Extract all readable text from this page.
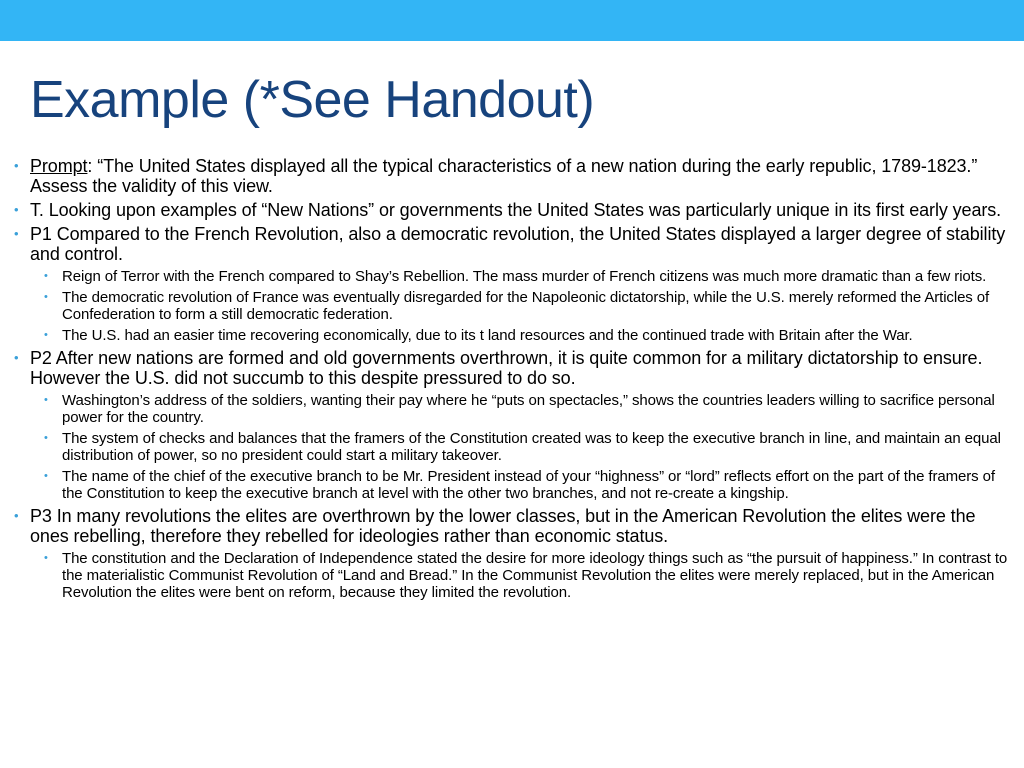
Example (*See Handout)
• Prompt: “The United States displayed all the typical characteristics of a new nation during the early republic, 1789-1823.” Assess the validity of this view.
• T. Looking upon examples of “New Nations” or governments the United States was particularly unique in its first early years.
• P1 Compared to the French Revolution, also a democratic revolution, the United States displayed a larger degree of stability and control.
• Reign of Terror with the French compared to Shay’s Rebellion. The mass murder of French citizens was much more dramatic than a few riots.
• The democratic revolution of France was eventually disregarded for the Napoleonic dictatorship, while the U.S. merely reformed the Articles of Confederation to form a still democratic federation.
• The U.S. had an easier time recovering economically, due to its t land resources and the continued trade with Britain after the War.
• P2 After new nations are formed and old governments overthrown, it is quite common for a military dictatorship to ensure. However the U.S. did not succumb to this despite pressured to do so.
• Washington’s address of the soldiers, wanting their pay where he “puts on spectacles,” shows the countries leaders willing to sacrifice personal power for the country.
• The system of checks and balances that the framers of the Constitution created was to keep the executive branch in line, and maintain an equal distribution of power, so no president could start a military takeover.
• The name of the chief of the executive branch to be Mr. President instead of your “highness” or “lord” reflects effort on the part of the framers of the Constitution to keep the executive branch at level with the other two branches, and not re-create a kingship.
• P3 In many revolutions the elites are overthrown by the lower classes, but in the American Revolution the elites were the ones rebelling, therefore they rebelled for ideologies rather than economic status.
• The constitution and the Declaration of Independence stated the desire for more ideology things such as “the pursuit of happiness.” In contrast to the materialistic Communist Revolution of “Land and Bread.” In the Communist Revolution the elites were merely replaced, but in the American Revolution the elites were bent on reform, because they limited the revolution.
